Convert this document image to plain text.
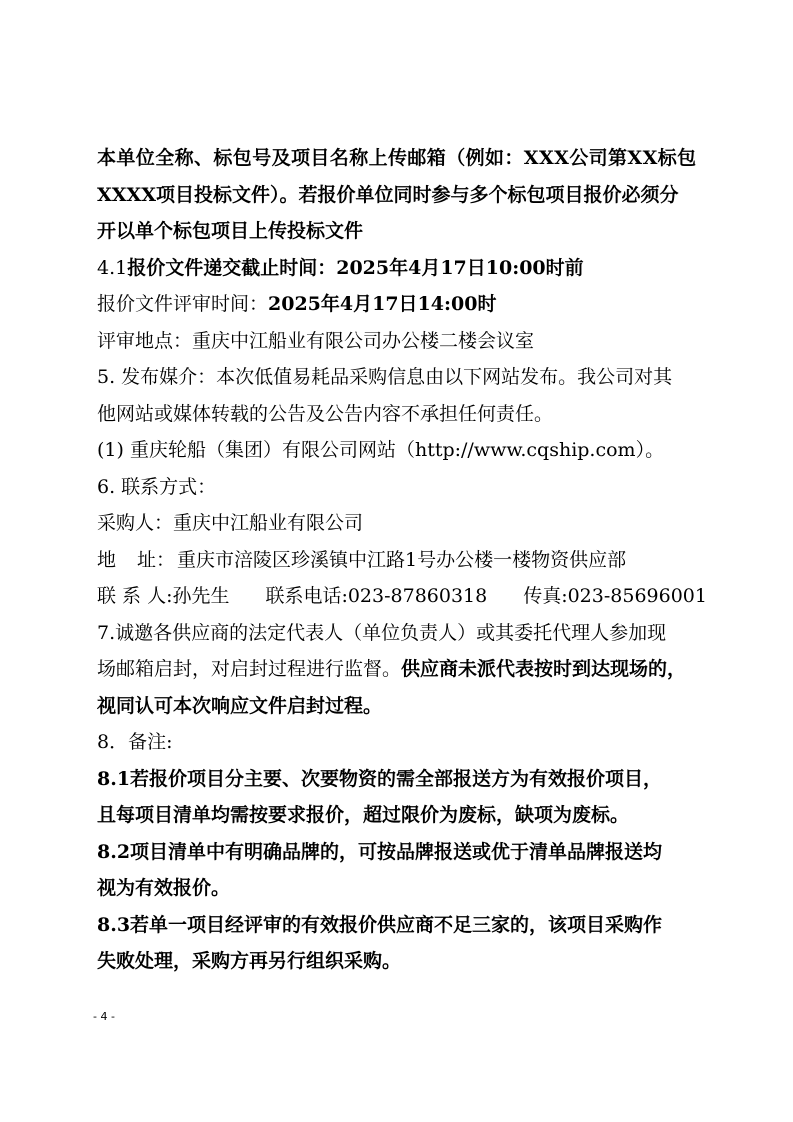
本单位全称、标包号及项目名称上传邮箱（例如：XXX公司第XX标包
XXXX项目投标文件）。若报价单位同时参与多个标包项目报价必须分
开以单个标包项目上传投标文件
4.1报价文件递交截止时间：2025年4月17日10:00时前
报价文件评审时间：2025年4月17日14:00时
评审地点：重庆中江船业有限公司办公楼二楼会议室
5. 发布媒介：本次低值易耗品采购信息由以下网站发布。我公司对其
他网站或媒体转载的公告及公告内容不承担任何责任。
(1) 重庆轮船（集团）有限公司网站（http://www.cqship.com）。
6. 联系方式：
采购人：重庆中江船业有限公司
地 址： 重庆市涪陵区珍溪镇中江路1号办公楼一楼物资供应部
联 系 人:孙先生 联系电话:023-87860318 传真:023-85696001
7.诚邀各供应商的法定代表人（单位负责人）或其委托代理人参加现
场邮箱启封，对启封过程进行监督。供应商未派代表按时到达现场的，
视同认可本次响应文件启封过程。
8．备注:
8.1若报价项目分主要、次要物资的需全部报送方为有效报价项目，
且每项目清单均需按要求报价，超过限价为废标，缺项为废标。
8.2项目清单中有明确品牌的，可按品牌报送或优于清单品牌报送均
视为有效报价。
8.3若单一项目经评审的有效报价供应商不足三家的，该项目采购作
失败处理，采购方再另行组织采购。
- 4 -
